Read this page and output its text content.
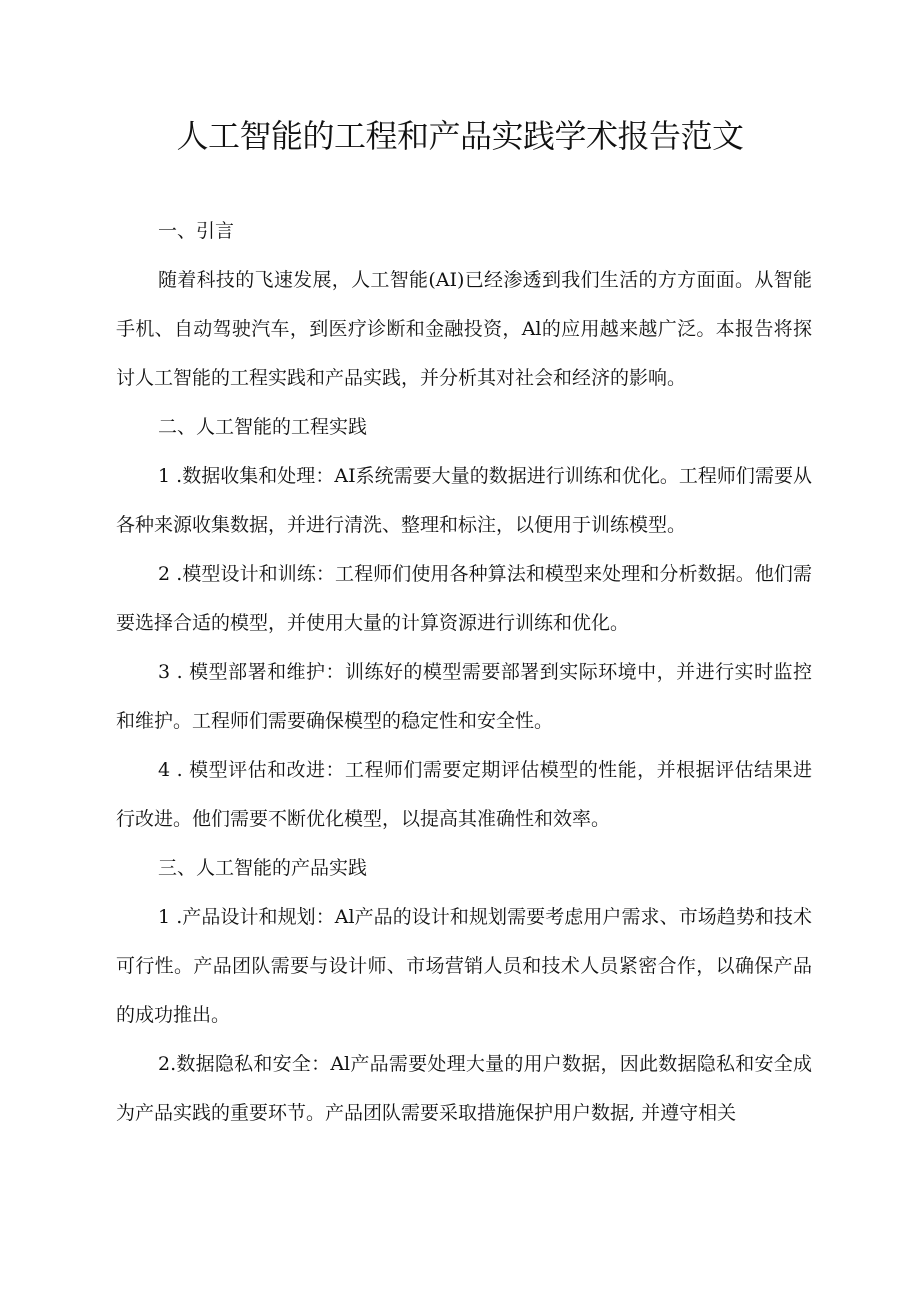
人工智能的工程和产品实践学术报告范文
一、引言

随着科技的飞速发展，人工智能(AI)已经渗透到我们生活的方方面面。从智能手机、自动驾驶汽车，到医疗诊断和金融投资，Al的应用越来越广泛。本报告将探讨人工智能的工程实践和产品实践，并分析其对社会和经济的影响。

二、人工智能的工程实践

1 .数据收集和处理：AI系统需要大量的数据进行训练和优化。工程师们需要从各种来源收集数据，并进行清洗、整理和标注，以便用于训练模型。

2 .模型设计和训练：工程师们使用各种算法和模型来处理和分析数据。他们需要选择合适的模型，并使用大量的计算资源进行训练和优化。

3 . 模型部署和维护：训练好的模型需要部署到实际环境中，并进行实时监控和维护。工程师们需要确保模型的稳定性和安全性。

4 . 模型评估和改进：工程师们需要定期评估模型的性能，并根据评估结果进行改进。他们需要不断优化模型，以提高其准确性和效率。

三、人工智能的产品实践

1 .产品设计和规划：Al产品的设计和规划需要考虑用户需求、市场趋势和技术可行性。产品团队需要与设计师、市场营销人员和技术人员紧密合作，以确保产品的成功推出。

2.数据隐私和安全：Al产品需要处理大量的用户数据，因此数据隐私和安全成为产品实践的重要环节。产品团队需要采取措施保护用户数据, 并遵守相关
